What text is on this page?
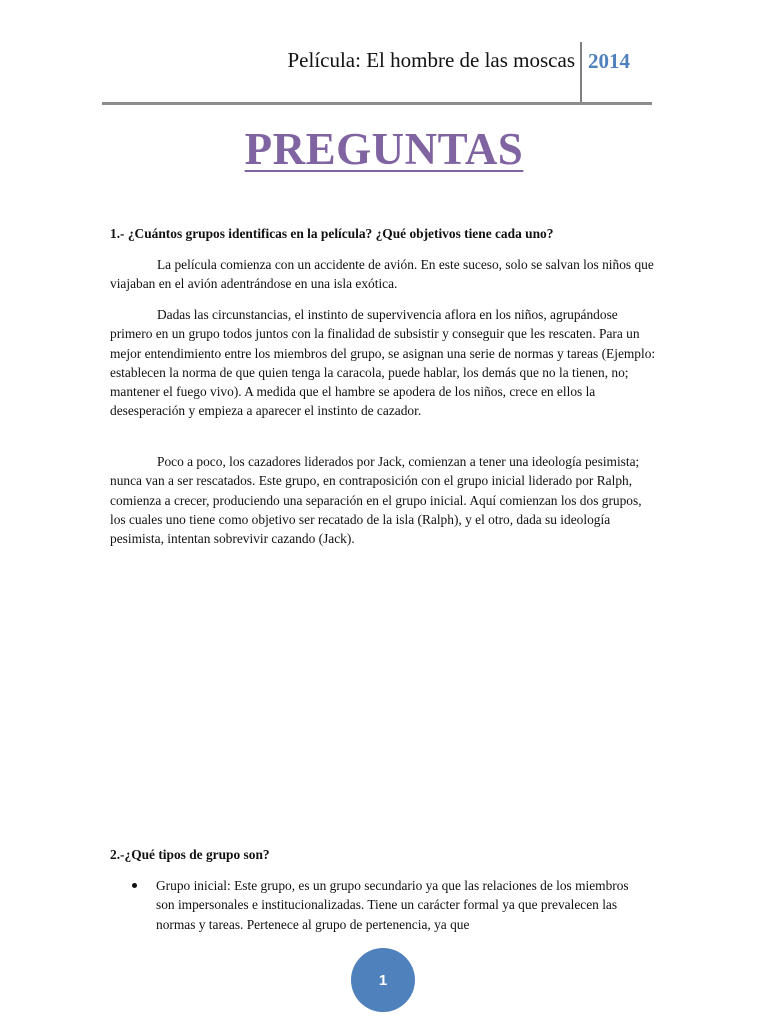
Película: El hombre de las moscas 2014
PREGUNTAS
1.- ¿Cuántos grupos identificas en la película? ¿Qué objetivos tiene cada uno?

La película comienza con un accidente de avión. En este suceso, solo se salvan los niños que viajaban en el avión adentrándose en una isla exótica.

Dadas las circunstancias, el instinto de supervivencia aflora en los niños, agrupándose primero en un grupo todos juntos con la finalidad de subsistir y conseguir que les rescaten. Para un mejor entendimiento entre los miembros del grupo, se asignan una serie de normas y tareas (Ejemplo: establecen la norma de que quien tenga la caracola, puede hablar, los demás que no la tienen, no; mantener el fuego vivo). A medida que el hambre se apodera de los niños, crece en ellos la desesperación y empieza a aparecer el instinto de cazador.

Poco a poco, los cazadores liderados por Jack, comienzan a tener una ideología pesimista; nunca van a ser rescatados. Este grupo, en contraposición con el grupo inicial liderado por Ralph, comienza a crecer, produciendo una separación en el grupo inicial. Aquí comienzan los dos grupos, los cuales uno tiene como objetivo ser recatado de la isla (Ralph), y el otro, dada su ideología pesimista, intentan sobrevivir cazando (Jack).

2.-¿Qué tipos de grupo son?
Grupo inicial: Este grupo, es un grupo secundario ya que las relaciones de los miembros son impersonales e institucionalizadas. Tiene un carácter formal ya que prevalecen las normas y tareas. Pertenece al grupo de pertenencia, ya que
1
